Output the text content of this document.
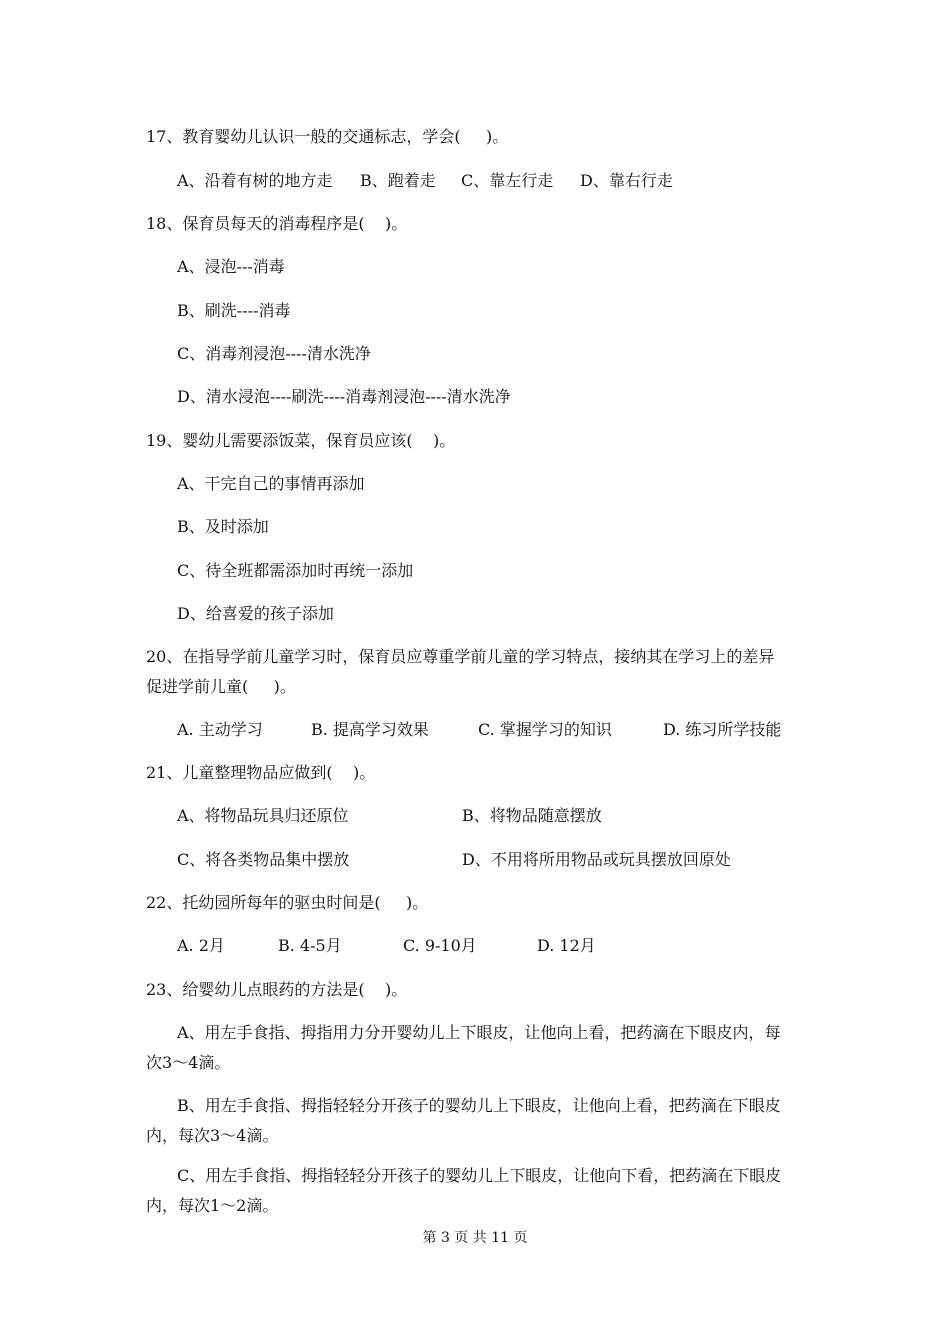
17、教育婴幼儿认识一般的交通标志，学会(     )。
A、沿着有树的地方走 B、跑着走 C、靠左行走 D、靠右行走
18、保育员每天的消毒程序是(    )。
A、浸泡---消毒
B、刷洗----消毒
C、消毒剂浸泡----清水洗净
D、清水浸泡----刷洗----消毒剂浸泡----清水洗净
19、婴幼儿需要添饭菜，保育员应该(    )。
A、干完自己的事情再添加
B、及时添加
C、待全班都需添加时再统一添加
D、给喜爱的孩子添加
20、在指导学前儿童学习时，保育员应尊重学前儿童的学习特点，接纳其在学习上的差异
促进学前儿童(     )。
A. 主动学习	B. 提高学习效果	C. 掌握学习的知识	D. 练习所学技能
21、儿童整理物品应做到(    )。
A、将物品玩具归还原位	B、将物品随意摆放
C、将各类物品集中摆放	D、不用将所用物品或玩具摆放回原处
22、托幼园所每年的驱虫时间是(     )。
A. 2月	B. 4-5月	C. 9-10月	D. 12月
23、给婴幼儿点眼药的方法是(    )。
A、用左手食指、拇指用力分开婴幼儿上下眼皮，让他向上看，把药滴在下眼皮内，每
次3～4滴。
B、用左手食指、拇指轻轻分开孩子的婴幼儿上下眼皮，让他向上看，把药滴在下眼皮
内，每次3～4滴。
C、用左手食指、拇指轻轻分开孩子的婴幼儿上下眼皮，让他向下看，把药滴在下眼皮
内，每次1～2滴。
第 3 页 共 11 页
